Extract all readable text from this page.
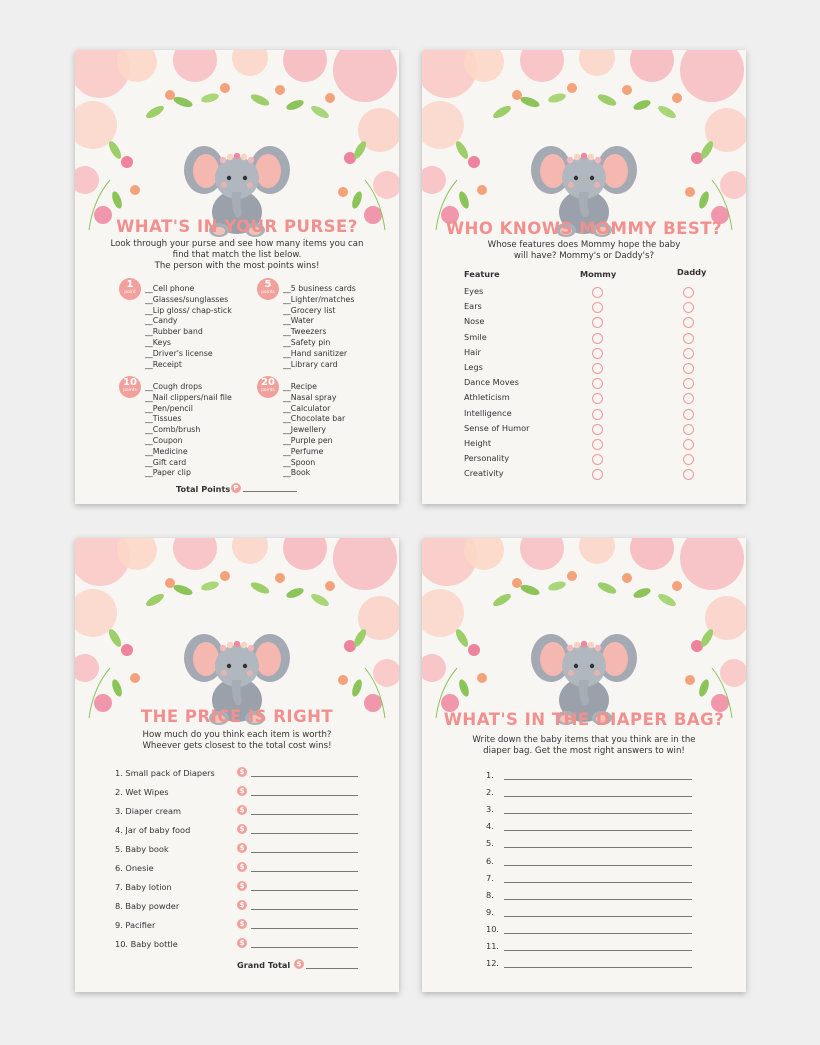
WHAT'S IN YOUR PURSE?
Look through your purse and see how many items you can
find that match the list below.
The person with the most points wins!
1
point	__Cell phone
__Glasses/sunglasses
__Lip gloss/ chap-stick
__Candy
__Rubber band
__Keys
__Driver's license
__Receipt
5
points	__5 business cards
__Lighter/matches
__Grocery list
__Water
__Tweezers
__Safety pin
__Hand sanitizer
__Library card
10
points	__Cough drops
__Nail clippers/nail file
__Pen/pencil
__Tissues
__Comb/brush
__Coupon
__Medicine
__Gift card
__Paper clip
20
points	__Recipe
__Nasal spray
__Calculator
__Chocolate bar
__Jewellery
__Purple pen
__Perfume
__Spoon
__Book
Total Points P
WHO KNOWS MOMMY BEST?
Whose features does Mommy hope the baby
will have? Mommy's or Daddy's?
Feature	Mommy	Daddy
Eyes
Ears
Nose
Smile
Hair
Legs
Dance Moves
Athleticism
Intelligence
Sense of Humor
Height
Personality
Creativity
THE PRICE IS RIGHT
How much do you think each item is worth?
Wheever gets closest to the total cost wins!
1. Small pack of Diapers	$
2. Wet Wipes	$
3. Diaper cream	$
4. Jar of baby food	$
5. Baby book	$
6. Onesie	$
7. Baby lotion	$
8. Baby powder	$
9. Pacifier	$
10. Baby bottle	$
Grand Total $
WHAT'S IN THE DIAPER BAG?
Write down the baby items that you think are in the
diaper bag. Get the most right answers to win!
1.
2.
3.
4.
5.
6.
7.
8.
9.
10.
11.
12.
